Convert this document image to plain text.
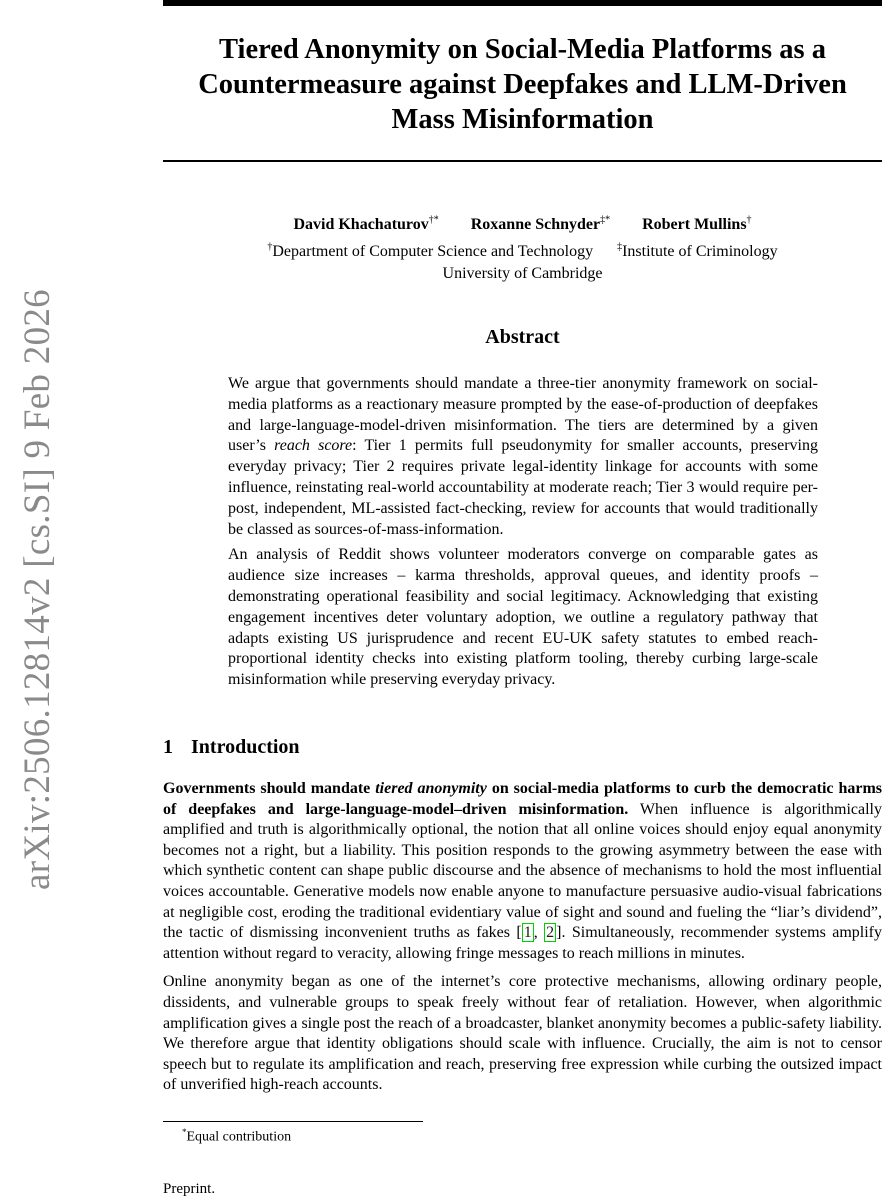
arXiv:2506.12814v2 [cs.SI] 9 Feb 2026
Tiered Anonymity on Social-Media Platforms as a Countermeasure against Deepfakes and LLM-Driven Mass Misinformation
David Khachaturov†* Roxanne Schnyder‡* Robert Mullins†
†Department of Computer Science and Technology ‡Institute of Criminology
University of Cambridge
Abstract

We argue that governments should mandate a three-tier anonymity framework on social-media platforms as a reactionary measure prompted by the ease-of-production of deepfakes and large-language-model-driven misinformation. The tiers are determined by a given user’s reach score: Tier 1 permits full pseudonymity for smaller accounts, preserving everyday privacy; Tier 2 requires private legal-identity linkage for accounts with some influence, reinstating real-world accountability at moderate reach; Tier 3 would require per-post, independent, ML-assisted fact-checking, review for accounts that would traditionally be classed as sources-of-mass-information.

An analysis of Reddit shows volunteer moderators converge on comparable gates as audience size increases – karma thresholds, approval queues, and identity proofs – demonstrating operational feasibility and social legitimacy. Acknowledging that existing engagement incentives deter voluntary adoption, we outline a regulatory pathway that adapts existing US jurisprudence and recent EU-UK safety statutes to embed reach-proportional identity checks into existing platform tooling, thereby curbing large-scale misinformation while preserving everyday privacy.

1 Introduction

Governments should mandate tiered anonymity on social-media platforms to curb the democratic harms of deepfakes and large-language-model–driven misinformation. When influence is algorithmically amplified and truth is algorithmically optional, the notion that all online voices should enjoy equal anonymity becomes not a right, but a liability. This position responds to the growing asymmetry between the ease with which synthetic content can shape public discourse and the absence of mechanisms to hold the most influential voices accountable. Generative models now enable anyone to manufacture persuasive audio-visual fabrications at negligible cost, eroding the traditional evidentiary value of sight and sound and fueling the “liar’s dividend”, the tactic of dismissing inconvenient truths as fakes [ 1 , 2 ]. Simultaneously, recommender systems amplify attention without regard to veracity, allowing fringe messages to reach millions in minutes.

Online anonymity began as one of the internet’s core protective mechanisms, allowing ordinary people, dissidents, and vulnerable groups to speak freely without fear of retaliation. However, when algorithmic amplification gives a single post the reach of a broadcaster, blanket anonymity becomes a public-safety liability. We therefore argue that identity obligations should scale with influence. Crucially, the aim is not to censor speech but to regulate its amplification and reach, preserving free expression while curbing the outsized impact of unverified high-reach accounts.

*Equal contribution
Preprint.
